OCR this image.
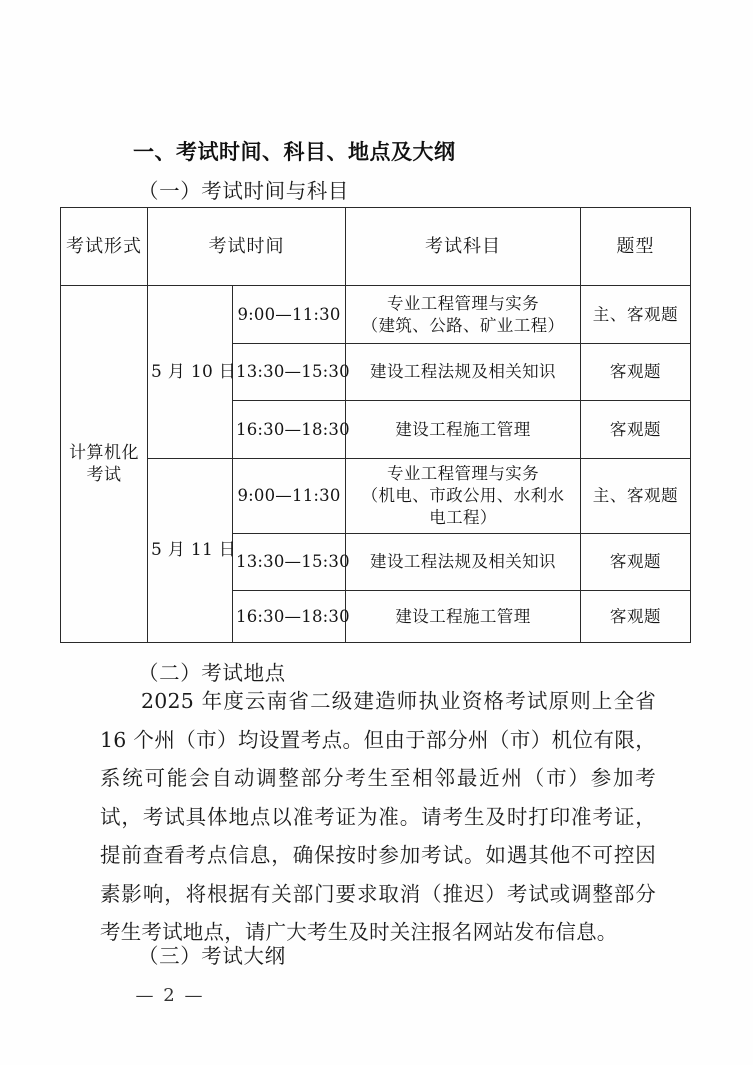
一、考试时间、科目、地点及大纲
（一）考试时间与科目
考试形式	考试时间		考试科目	题型
计算机化考试	5 月 10 日	9:00—11:30	专业工程管理与实务
（建筑、公路、矿业工程）	主、客观题
		13:30—15:30	建设工程法规及相关知识	客观题
		16:30—18:30	建设工程施工管理	客观题
	5 月 11 日	9:00—11:30	专业工程管理与实务
（机电、市政公用、水利水
电工程）	主、客观题
		13:30—15:30	建设工程法规及相关知识	客观题
		16:30—18:30	建设工程施工管理	客观题
（二）考试地点
2025 年度云南省二级建造师执业资格考试原则上全省 16 个州（市）均设置考点。但由于部分州（市）机位有限，系统可能会自动调整部分考生至相邻最近州（市）参加考试，考试具体地点以准考证为准。请考生及时打印准考证，提前查看考点信息，确保按时参加考试。如遇其他不可控因素影响，将根据有关部门要求取消（推迟）考试或调整部分考生考试地点，请广大考生及时关注报名网站发布信息。
（三）考试大纲
— 2 —
